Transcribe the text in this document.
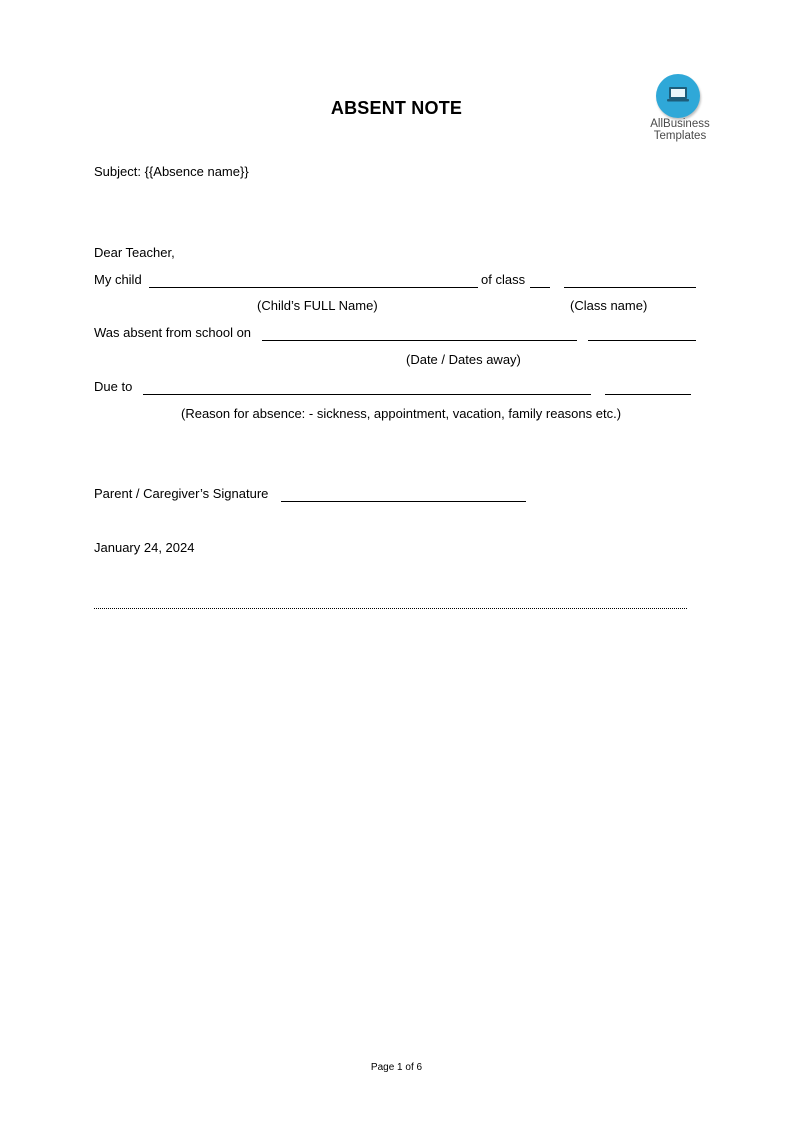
AllBusiness
Templates
ABSENT NOTE
Subject: {{Absence name}}
Dear Teacher,
My child	of class
(Child’s FULL Name)	(Class name)
Was absent from school on
(Date / Dates away)
Due to
(Reason for absence: - sickness, appointment, vacation, family reasons etc.)
Parent / Caregiver’s Signature
January 24, 2024
Page 1 of 6
